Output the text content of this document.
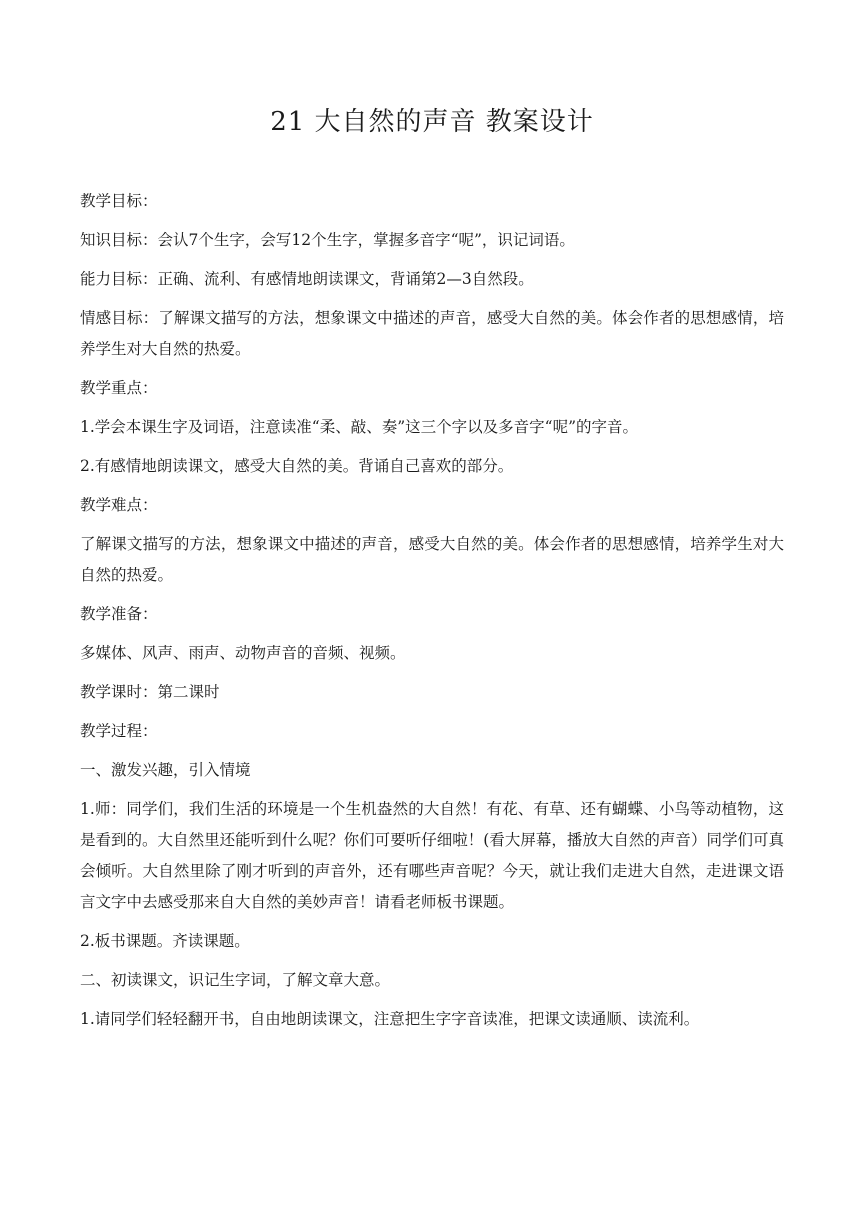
21 大自然的声音 教案设计

教学目标：

知识目标：会认7个生字，会写12个生字，掌握多音字“呢”，识记词语。

能力目标：正确、流利、有感情地朗读课文，背诵第2—3自然段。

情感目标：了解课文描写的方法，想象课文中描述的声音，感受大自然的美。体会作者的思想感情，培养学生对大自然的热爱。

教学重点：

1.学会本课生字及词语，注意读准“柔、敲、奏”这三个字以及多音字“呢”的字音。

2.有感情地朗读课文，感受大自然的美。背诵自己喜欢的部分。

教学难点：

了解课文描写的方法，想象课文中描述的声音，感受大自然的美。体会作者的思想感情，培养学生对大自然的热爱。

教学准备：

多媒体、风声、雨声、动物声音的音频、视频。

教学课时：第二课时

教学过程：

一、激发兴趣，引入情境

1.师：同学们，我们生活的环境是一个生机盎然的大自然！有花、有草、还有蝴蝶、小鸟等动植物，这是看到的。大自然里还能听到什么呢？你们可要听仔细啦！(看大屏幕，播放大自然的声音）同学们可真会倾听。大自然里除了刚才听到的声音外，还有哪些声音呢？今天，就让我们走进大自然，走进课文语言文字中去感受那来自大自然的美妙声音！请看老师板书课题。

2.板书课题。齐读课题。

二、初读课文，识记生字词，了解文章大意。

1.请同学们轻轻翻开书，自由地朗读课文，注意把生字字音读准，把课文读通顺、读流利。
